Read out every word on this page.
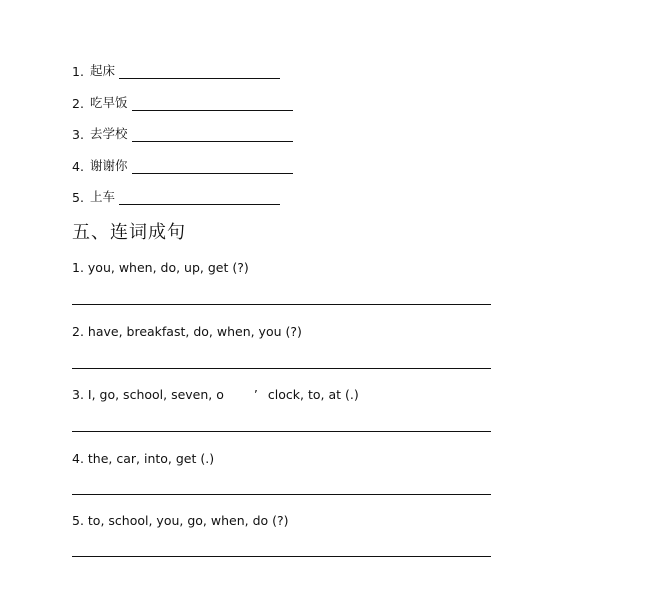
1. 起床
2. 吃早饭
3. 去学校
4. 谢谢你
5. 上车
五、连词成句
1. you, when, do, up, get (?)
2. have, breakfast, do, when, you (?)
3. I, go, school, seven, o ’ clock, to, at (.)
4. the, car, into, get (.)
5. to, school, you, go, when, do (?)
